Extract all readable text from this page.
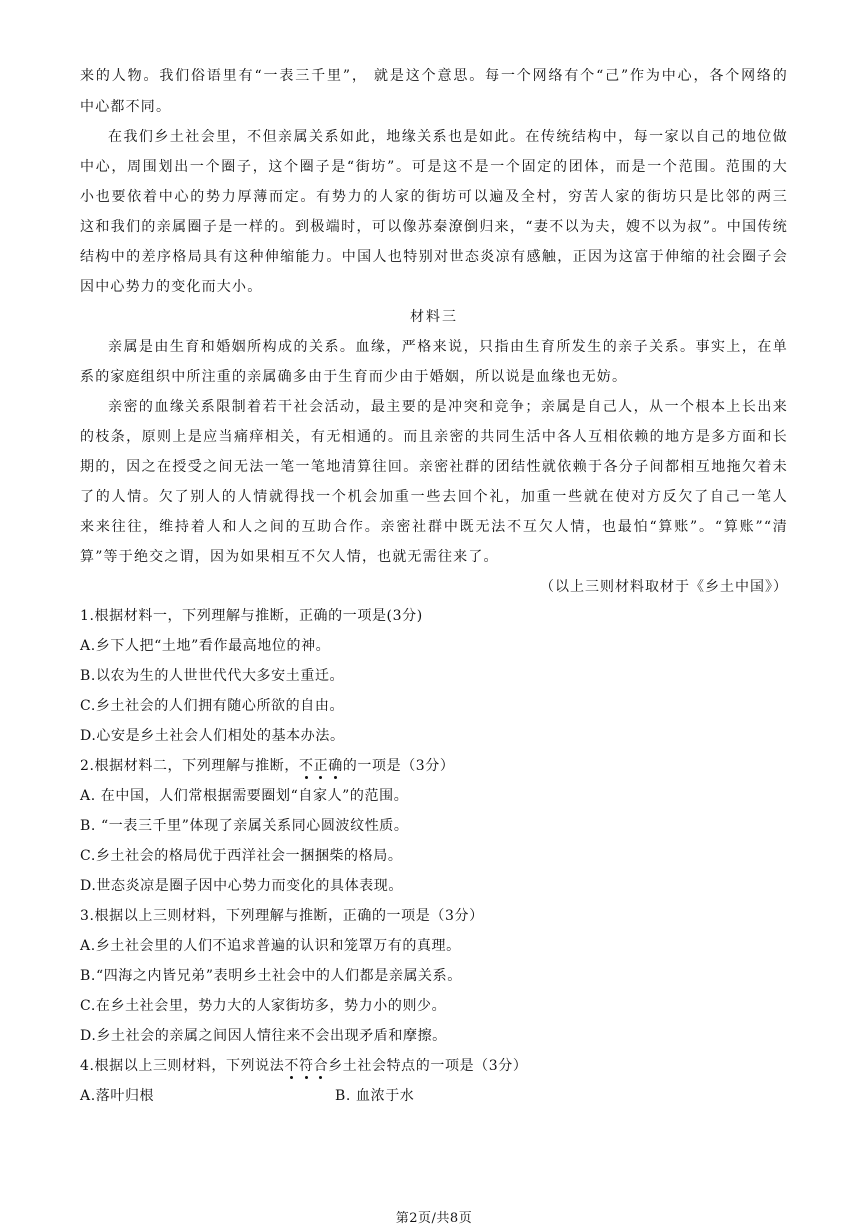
来的人物。我们俗语里有“一表三千里”， 就是这个意思。每一个网络有个“己”作为中心，各个网络的
中心都不同。
在我们乡土社会里，不但亲属关系如此，地缘关系也是如此。在传统结构中，每一家以自己的地位做
中心，周围划出一个圈子，这个圈子是“街坊”。可是这不是一个固定的团体，而是一个范围。范围的大
小也要依着中心的势力厚薄而定。有势力的人家的街坊可以遍及全村，穷苦人家的街坊只是比邻的两三
这和我们的亲属圈子是一样的。到极端时，可以像苏秦潦倒归来，“妻不以为夫，嫂不以为叔”。中国传统
结构中的差序格局具有这种伸缩能力。中国人也特别对世态炎凉有感触，正因为这富于伸缩的社会圈子会
因中心势力的变化而大小。
材料三
亲属是由生育和婚姻所构成的关系。血缘，严格来说，只指由生育所发生的亲子关系。事实上，在单
系的家庭组织中所注重的亲属确多由于生育而少由于婚姻，所以说是血缘也无妨。
亲密的血缘关系限制着若干社会活动，最主要的是冲突和竞争；亲属是自己人，从一个根本上长出来
的枝条，原则上是应当痛痒相关，有无相通的。而且亲密的共同生活中各人互相依赖的地方是多方面和长
期的，因之在授受之间无法一笔一笔地清算往回。亲密社群的团结性就依赖于各分子间都相互地拖欠着未
了的人情。欠了别人的人情就得找一个机会加重一些去回个礼，加重一些就在使对方反欠了自己一笔人
来来往往，维持着人和人之间的互助合作。亲密社群中既无法不互欠人情，也最怕“算账”。“算账”“清
算”等于绝交之谓，因为如果相互不欠人情，也就无需往来了。
（以上三则材料取材于《乡土中国》）
1.根据材料一，下列理解与推断，正确的一项是(3分)
A.乡下人把“土地”看作最高地位的神。
B.以农为生的人世世代代大多安土重迁。
C.乡土社会的人们拥有随心所欲的自由。
D.心安是乡土社会人们相处的基本办法。
2.根据材料二，下列理解与推断，不正确的一项是（3分）
A. 在中国，人们常根据需要圈划“自家人”的范围。
B. “一表三千里”体现了亲属关系同心圆波纹性质。
C.乡土社会的格局优于西洋社会一捆捆柴的格局。
D.世态炎凉是圈子因中心势力而变化的具体表现。
3.根据以上三则材料，下列理解与推断，正确的一项是（3分）
A.乡土社会里的人们不追求普遍的认识和笼罩万有的真理。
B.“四海之内皆兄弟”表明乡土社会中的人们都是亲属关系。
C.在乡土社会里，势力大的人家街坊多，势力小的则少。
D.乡土社会的亲属之间因人情往来不会出现矛盾和摩擦。
4.根据以上三则材料，下列说法不符合乡土社会特点的一项是（3分）
A.落叶归根	B. 血浓于水
第2页/共8页
